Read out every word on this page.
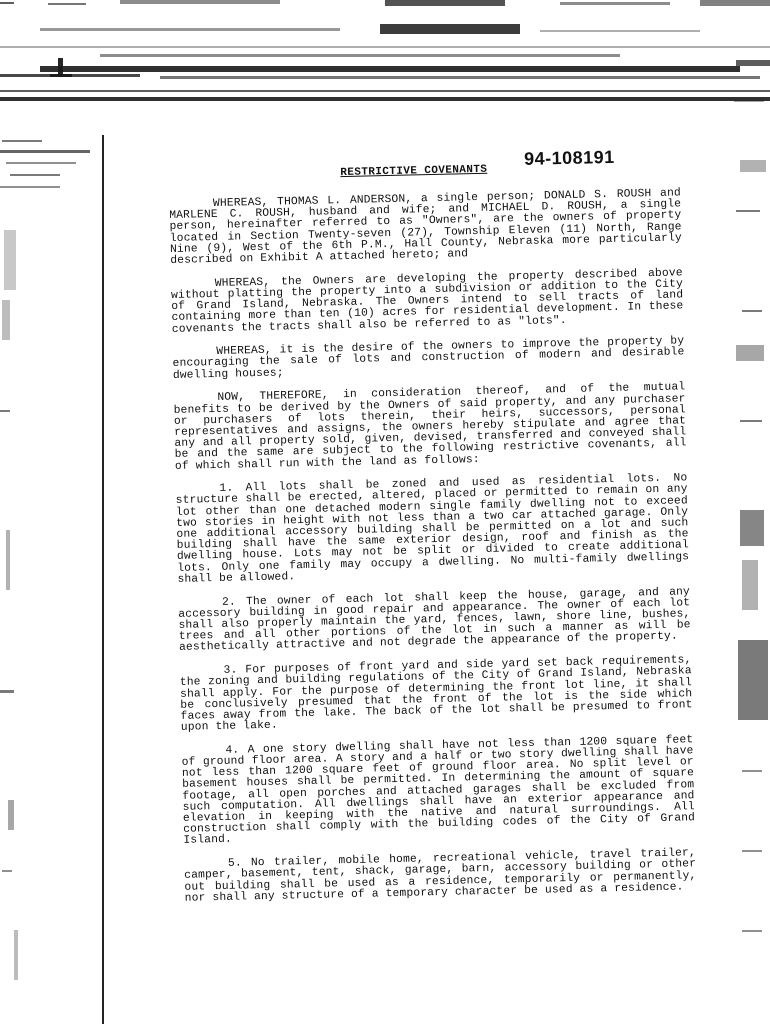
RESTRICTIVE COVENANTS
94-108191

WHEREAS, THOMAS L. ANDERSON, a single person; DONALD S. ROUSH and MARLENE C. ROUSH, husband and wife; and MICHAEL D. ROUSH, a single person, hereinafter referred to as "Owners", are the owners of property located in Section Twenty-seven (27), Township Eleven (11) North, Range Nine (9), West of the 6th P.M., Hall County, Nebraska more particularly described on Exhibit A attached hereto; and

WHEREAS, the Owners are developing the property described above without platting the property into a subdivision or addition to the City of Grand Island, Nebraska. The Owners intend to sell tracts of land containing more than ten (10) acres for residential development. In these covenants the tracts shall also be referred to as "lots".

WHEREAS, it is the desire of the owners to improve the property by encouraging the sale of lots and construction of modern and desirable dwelling houses;

NOW, THEREFORE, in consideration thereof, and of the mutual benefits to be derived by the Owners of said property, and any purchaser or purchasers of lots therein, their heirs, successors, personal representatives and assigns, the owners hereby stipulate and agree that any and all property sold, given, devised, transferred and conveyed shall be and the same are subject to the following restrictive covenants, all of which shall run with the land as follows:

1. All lots shall be zoned and used as residential lots. No structure shall be erected, altered, placed or permitted to remain on any lot other than one detached modern single family dwelling not to exceed two stories in height with not less than a two car attached garage. Only one additional accessory building shall be permitted on a lot and such building shall have the same exterior design, roof and finish as the dwelling house. Lots may not be split or divided to create additional lots. Only one family may occupy a dwelling. No multi-family dwellings shall be allowed.

2. The owner of each lot shall keep the house, garage, and any accessory building in good repair and appearance. The owner of each lot shall also properly maintain the yard, fences, lawn, shore line, bushes, trees and all other portions of the lot in such a manner as will be aesthetically attractive and not degrade the appearance of the property.

3. For purposes of front yard and side yard set back requirements, the zoning and building regulations of the City of Grand Island, Nebraska shall apply. For the purpose of determining the front lot line, it shall be conclusively presumed that the front of the lot is the side which faces away from the lake. The back of the lot shall be presumed to front upon the lake.

4. A one story dwelling shall have not less than 1200 square feet of ground floor area. A story and a half or two story dwelling shall have not less than 1200 square feet of ground floor area. No split level or basement houses shall be permitted. In determining the amount of square footage, all open porches and attached garages shall be excluded from such computation. All dwellings shall have an exterior appearance and elevation in keeping with the native and natural surroundings. All construction shall comply with the building codes of the City of Grand Island.

5. No trailer, mobile home, recreational vehicle, travel trailer, camper, basement, tent, shack, garage, barn, accessory building or other out building shall be used as a residence, temporarily or permanently, nor shall any structure of a temporary character be used as a residence.
